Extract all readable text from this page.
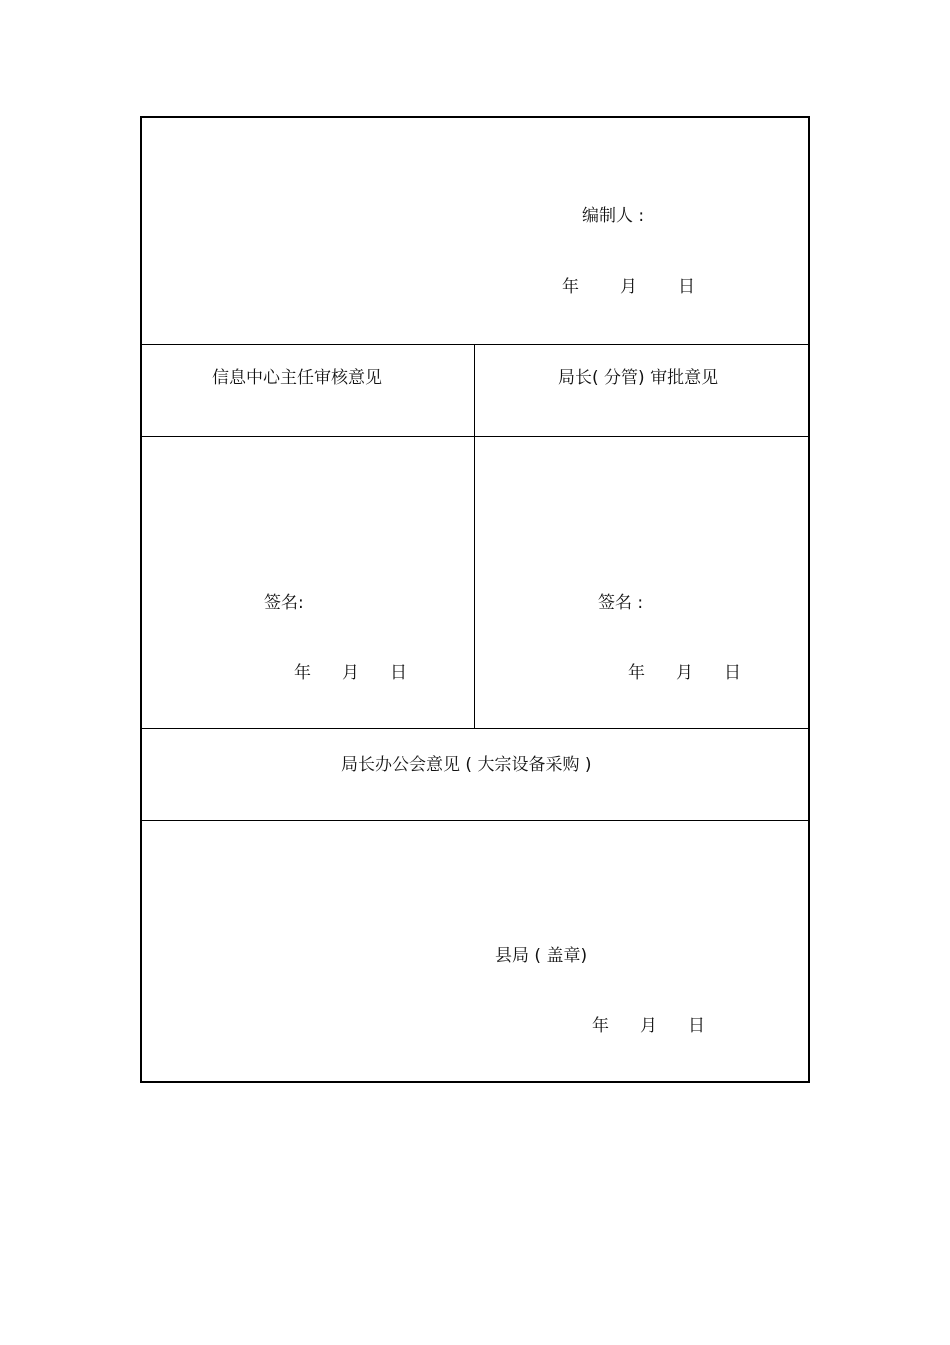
编制人 :
年 月 日
信息中心主任审核意见	局长( 分管) 审批意见
签名:
年 月 日
签名 :
年 月 日
局长办公会意见 ( 大宗设备采购 )
县局 ( 盖章)
年 月 日
